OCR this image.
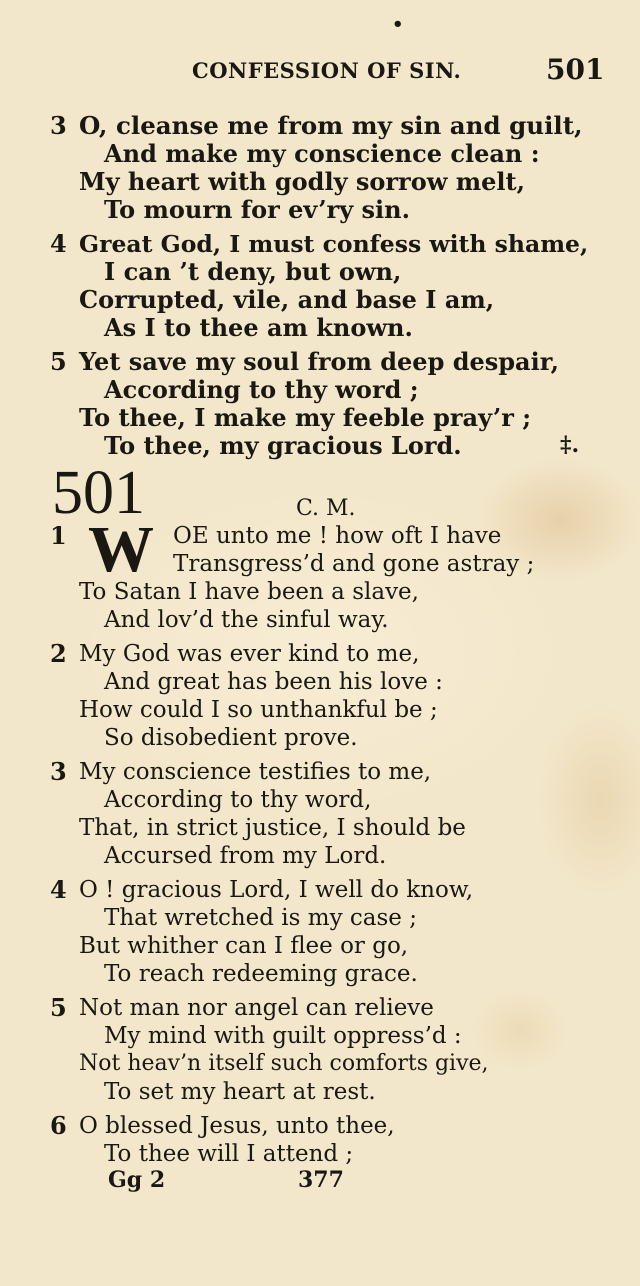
•
CONFESSION OF SIN.	501
3 O, cleanse me from my sin and guilt,
And make my conscience clean :
My heart with godly sorrow melt,
To mourn for ev’ry sin.
4 Great God, I must confess with shame,
I can ’t deny, but own,
Corrupted, vile, and base I am,
As I to thee am known.
5 Yet save my soul from deep despair,
According to thy word ;
To thee, I make my feeble pray’r ;
To thee, my gracious Lord.	‡.
501	C. M.
1 W OE unto me ! how oft I have
Transgress’d and gone astray ;
To Satan I have been a slave,
And lov’d the sinful way.
2 My God was ever kind to me,
And great has been his love :
How could I so unthankful be ;
So disobedient prove.
3 My conscience testifies to me,
According to thy word,
That, in strict justice, I should be
Accursed from my Lord.
4 O ! gracious Lord, I well do know,
That wretched is my case ;
But whither can I flee or go,
To reach redeeming grace.
5 Not man nor angel can relieve
My mind with guilt oppress’d :
Not heav’n itself such comforts give,
To set my heart at rest.
6 O blessed Jesus, unto thee,
To thee will I attend ;
Gg 2	377
